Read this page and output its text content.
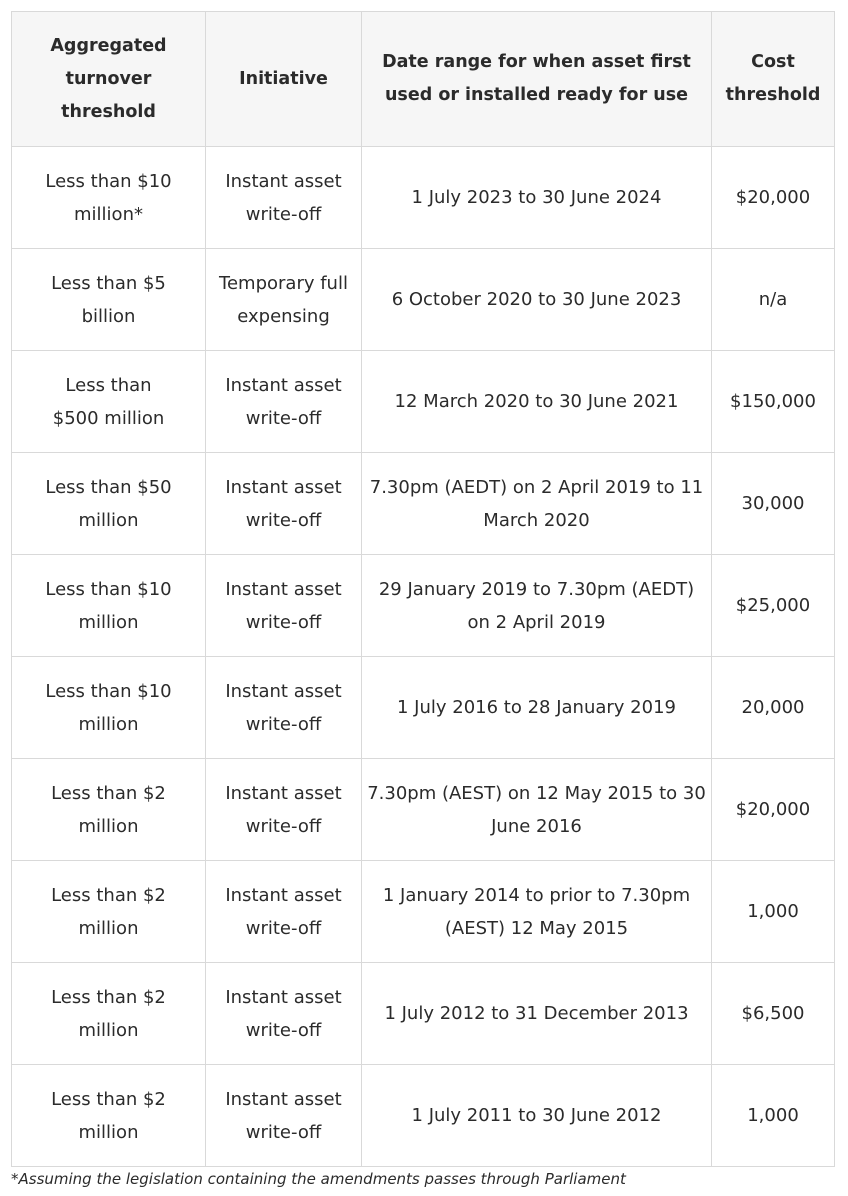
Aggregated turnover threshold	Initiative	Date range for when asset first used or installed ready for use	Cost threshold
Less than $10 million*	Instant asset write-off	1 July 2023 to 30 June 2024	$20,000
Less than $5 billion	Temporary full expensing	6 October 2020 to 30 June 2023	n/a
Less than $500 million	Instant asset write-off	12 March 2020 to 30 June 2021	$150,000
Less than $50 million	Instant asset write-off	7.30pm (AEDT) on 2 April 2019 to 11 March 2020	30,000
Less than $10 million	Instant asset write-off	29 January 2019 to 7.30pm (AEDT) on 2 April 2019	$25,000
Less than $10 million	Instant asset write-off	1 July 2016 to 28 January 2019	20,000
Less than $2 million	Instant asset write-off	7.30pm (AEST) on 12 May 2015 to 30 June 2016	$20,000
Less than $2 million	Instant asset write-off	1 January 2014 to prior to 7.30pm (AEST) 12 May 2015	1,000
Less than $2 million	Instant asset write-off	1 July 2012 to 31 December 2013	$6,500
Less than $2 million	Instant asset write-off	1 July 2011 to 30 June 2012	1,000
*Assuming the legislation containing the amendments passes through Parliament
